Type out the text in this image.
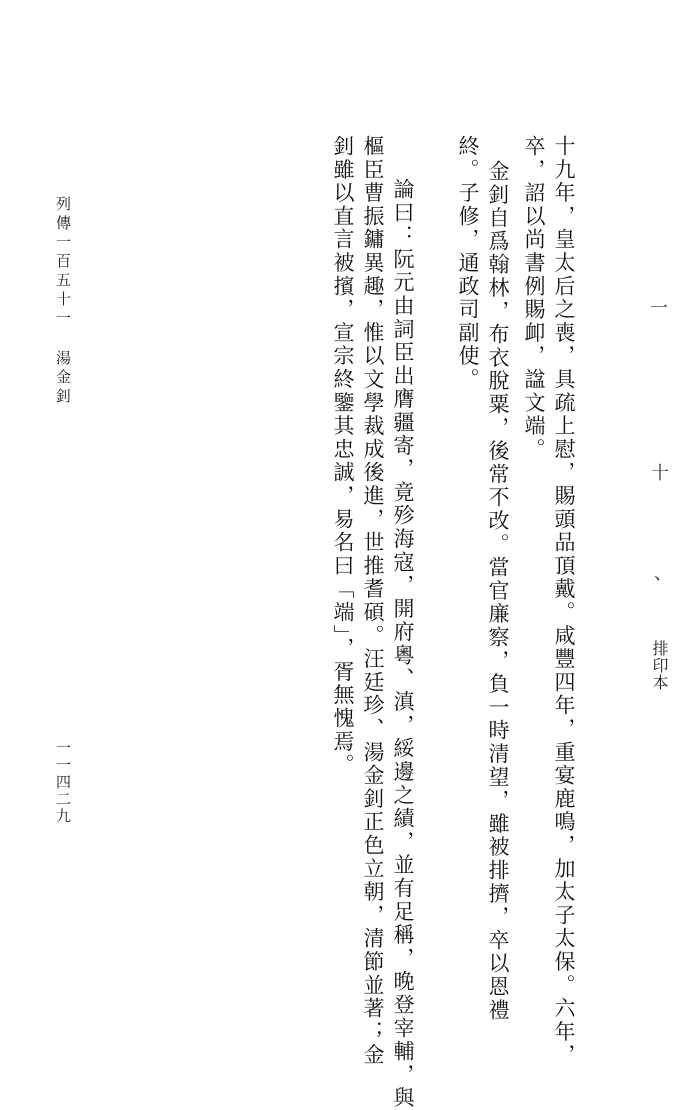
十九年，皇太后之喪，具疏上慰，賜頭品頂戴。咸豐四年，重宴鹿鳴，加太子太保。六年，
卒，詔以尚書例賜卹，諡文端。
金釗自爲翰林，布衣脫粟，後常不改。當官廉察，負一時清望，雖被排擠，卒以恩禮
終。子修，通政司副使。
論曰：阮元由詞臣出膺疆寄，竟殄海寇，開府粵、滇，綏邊之績，並有足稱，晚登宰輔，與
樞臣曹振鏞異趣，惟以文學裁成後進，世推耆碩。汪廷珍、湯金釗正色立朝，清節並著；金
釗雖以直言被擯，宣宗終鑒其忠誠，易名曰「端」，胥無愧焉。
列傳一百五十一
湯金釗
一一四二九
一
十
、
排印本
